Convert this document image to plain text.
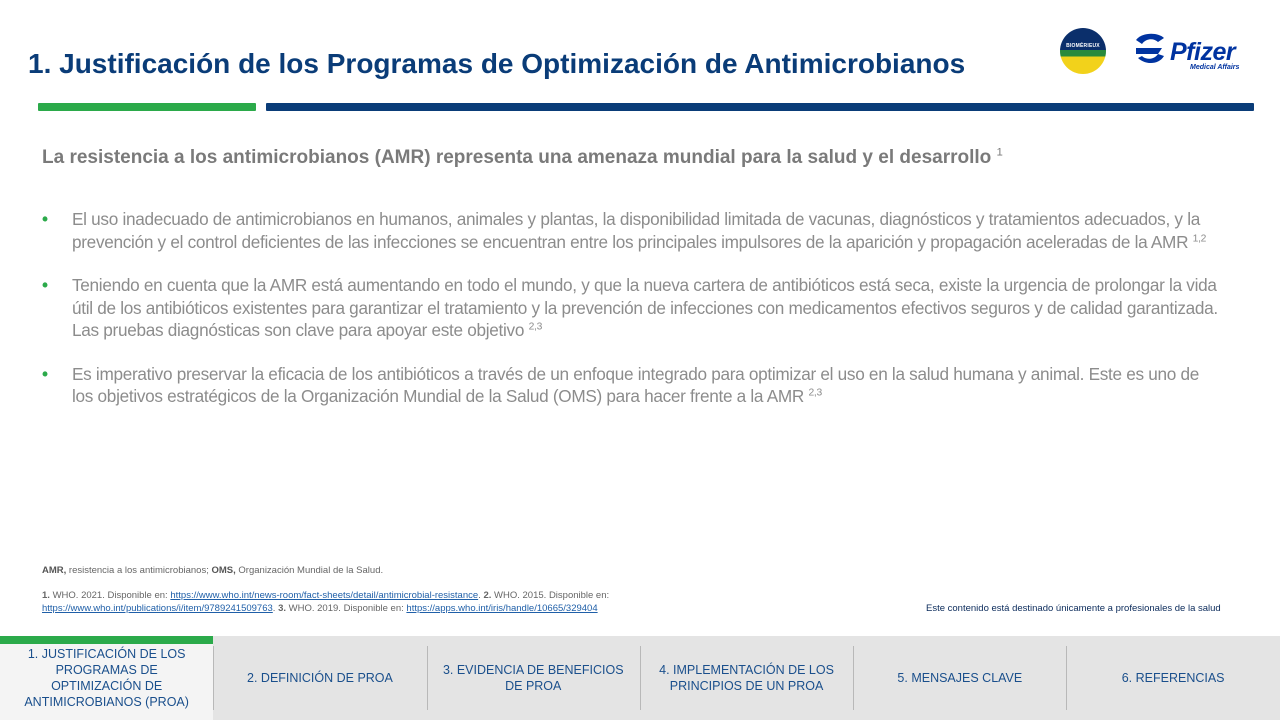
1. Justificación de los Programas de Optimización de Antimicrobianos
BIOMÉRIEUX	Pfizer
Medical Affairs
La resistencia a los antimicrobianos (AMR) representa una amenaza mundial para la salud y el desarrollo $^1$
• El uso inadecuado de antimicrobianos en humanos, animales y plantas, la disponibilidad limitada de vacunas, diagnósticos y tratamientos adecuados, y la prevención y el control deficientes de las infecciones se encuentran entre los principales impulsores de la aparición y propagación aceleradas de la AMR $^{1,2}$
• Teniendo en cuenta que la AMR está aumentando en todo el mundo, y que la nueva cartera de antibióticos está seca, existe la urgencia de prolongar la vida útil de los antibióticos existentes para garantizar el tratamiento y la prevención de infecciones con medicamentos efectivos seguros y de calidad garantizada. Las pruebas diagnósticas son clave para apoyar este objetivo $^{2,3}$
• Es imperativo preservar la eficacia de los antibióticos a través de un enfoque integrado para optimizar el uso en la salud humana y animal. Este es uno de los objetivos estratégicos de la Organización Mundial de la Salud (OMS) para hacer frente a la AMR $^{2,3}$
AMR, resistencia a los antimicrobianos; OMS, Organización Mundial de la Salud.
1. WHO. 2021. Disponible en: https://www.who.int/news-room/fact-sheets/detail/antimicrobial-resistance. 2. WHO. 2015. Disponible en:
https://www.who.int/publications/i/item/9789241509763. 3. WHO. 2019. Disponible en: https://apps.who.int/iris/handle/10665/329404	Este contenido está destinado únicamente a profesionales de la salud
1. JUSTIFICACIÓN DE LOS PROGRAMAS DE OPTIMIZACIÓN DE ANTIMICROBIANOS (PROA)
2. DEFINICIÓN DE PROA
3. EVIDENCIA DE BENEFICIOS DE PROA
4. IMPLEMENTACIÓN DE LOS PRINCIPIOS DE UN PROA
5. MENSAJES CLAVE	6. REFERENCIAS
